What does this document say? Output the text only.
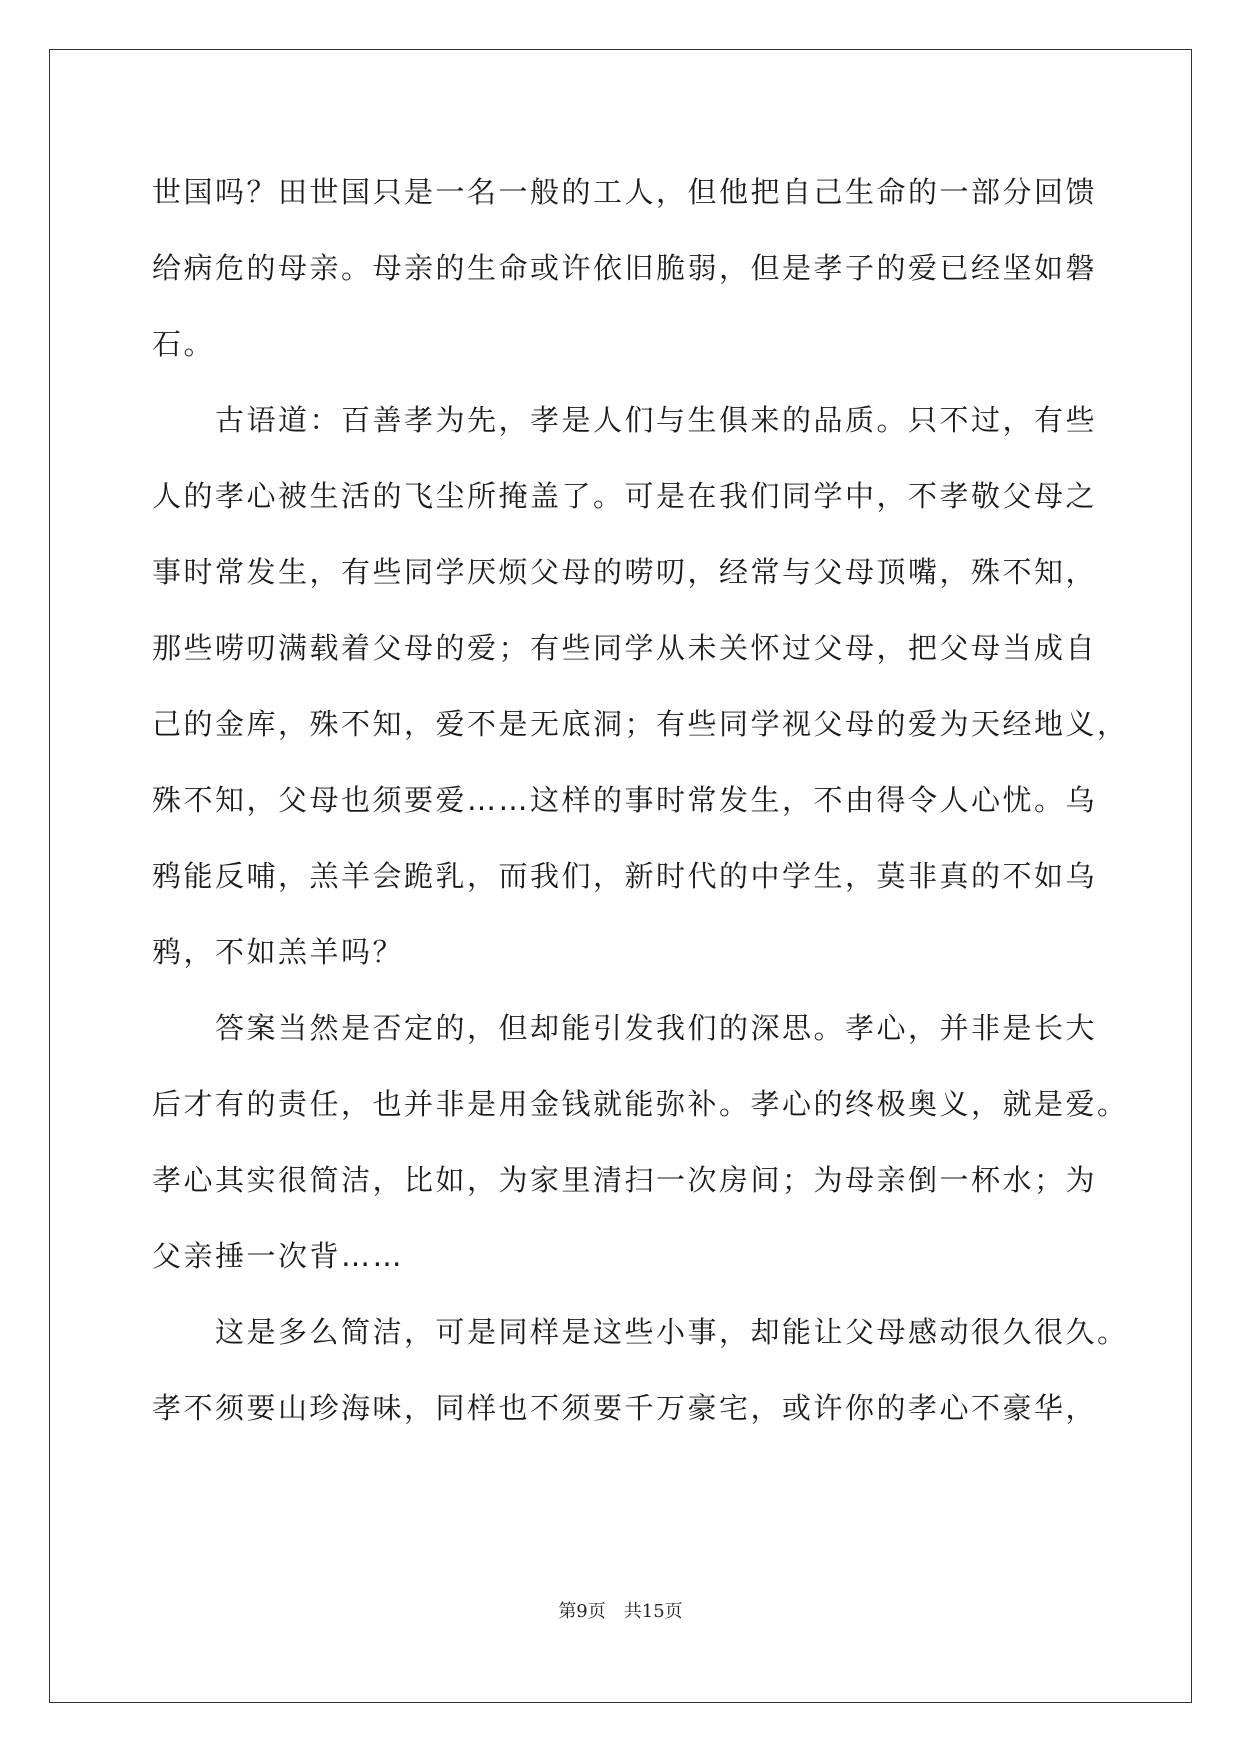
世国吗？田世国只是一名一般的工人，但他把自己生命的一部分回馈
给病危的母亲。母亲的生命或许依旧脆弱，但是孝子的爱已经坚如磐
石。
　　古语道：百善孝为先，孝是人们与生俱来的品质。只不过，有些
人的孝心被生活的飞尘所掩盖了。可是在我们同学中，不孝敬父母之
事时常发生，有些同学厌烦父母的唠叨，经常与父母顶嘴，殊不知，
那些唠叨满载着父母的爱；有些同学从未关怀过父母，把父母当成自
己的金库，殊不知，爱不是无底洞；有些同学视父母的爱为天经地义，
殊不知，父母也须要爱……这样的事时常发生，不由得令人心忧。乌
鸦能反哺，羔羊会跪乳，而我们，新时代的中学生，莫非真的不如乌
鸦，不如羔羊吗？
　　答案当然是否定的，但却能引发我们的深思。孝心，并非是长大
后才有的责任，也并非是用金钱就能弥补。孝心的终极奥义，就是爱。
孝心其实很简洁，比如，为家里清扫一次房间；为母亲倒一杯水；为
父亲捶一次背……
　　这是多么简洁，可是同样是这些小事，却能让父母感动很久很久。
孝不须要山珍海味，同样也不须要千万豪宅，或许你的孝心不豪华，
第9页 共15页
